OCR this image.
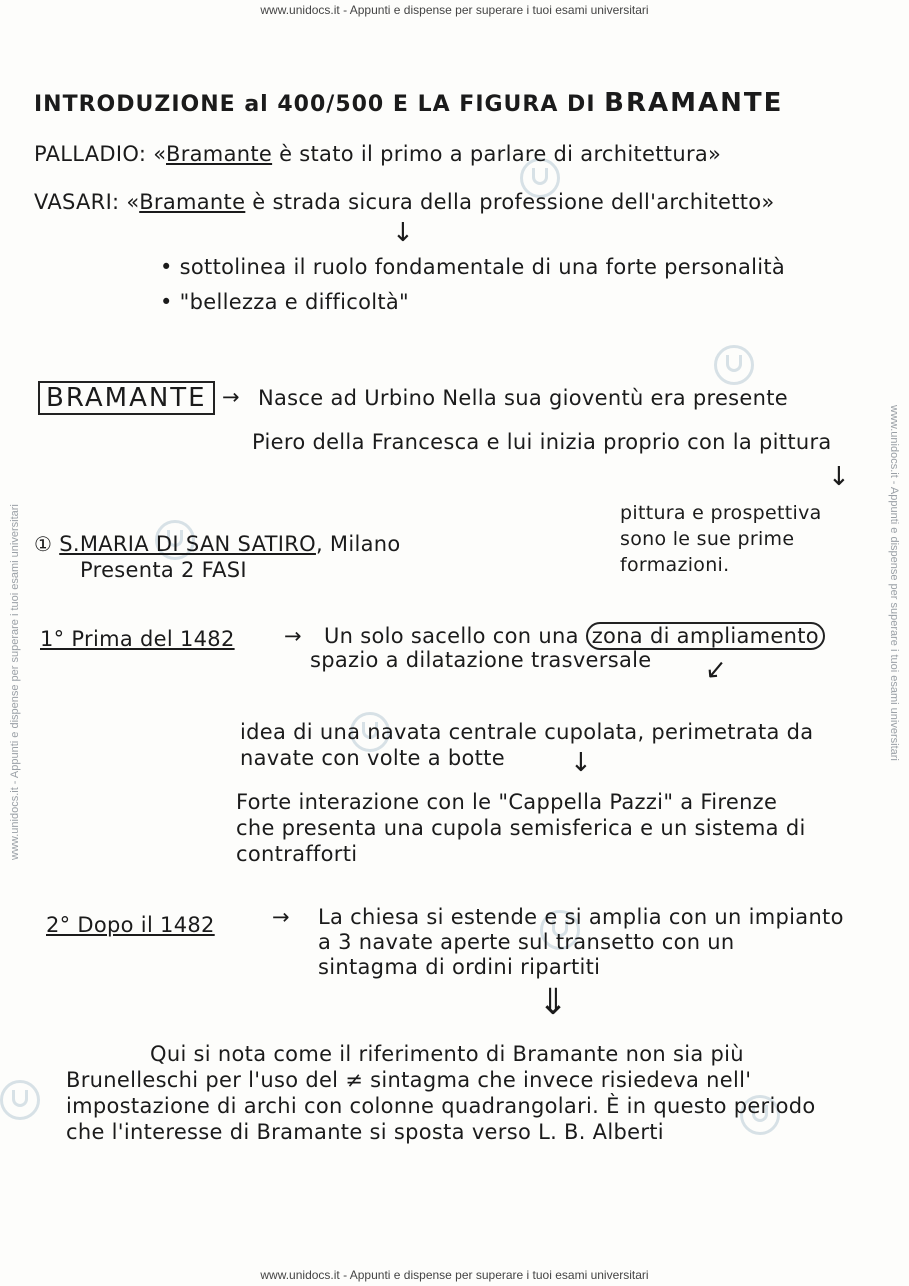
www.unidocs.it - Appunti e dispense per superare i tuoi esami universitari
www.unidocs.it - Appunti e dispense per superare i tuoi esami universitari
www.unidocs.it - Appunti e dispense per superare i tuoi esami universitari	www.unidocs.it - Appunti e dispense per superare i tuoi esami universitari
INTRODUZIONE al 400/500 E LA FIGURA DI BRAMANTE
PALLADIO: «Bramante è stato il primo a parlare di architettura»
VASARI: «Bramante è strada sicura della professione dell'architetto»
↓
• sottolinea il ruolo fondamentale di una forte personalità
• "bellezza e difficoltà"
BRAMANTE → Nasce ad Urbino Nella sua gioventù era presente
Piero della Francesca e lui inizia proprio con la pittura
↓
pittura e prospettiva
sono le sue prime
formazioni.
① S.MARIA DI SAN SATIRO, Milano
Presenta 2 FASI
1° Prima del 1482 → Un solo sacello con una zona di ampliamento
spazio a dilatazione trasversale ↓
idea di una navata centrale cupolata, perimetrata da
navate con volte a botte	↓
Forte interazione con le "Cappella Pazzi" a Firenze
che presenta una cupola semisferica e un sistema di
contrafforti
2° Dopo il 1482	→ La chiesa si estende e si amplia con un impianto
a 3 navate aperte sul transetto con un
sintagma di ordini ripartiti
⇓
Qui si nota come il riferimento di Bramante non sia più
Brunelleschi per l'uso del ≠ sintagma che invece risiedeva nell'
impostazione di archi con colonne quadrangolari. È in questo periodo
che l'interesse di Bramante si sposta verso L. B. Alberti
